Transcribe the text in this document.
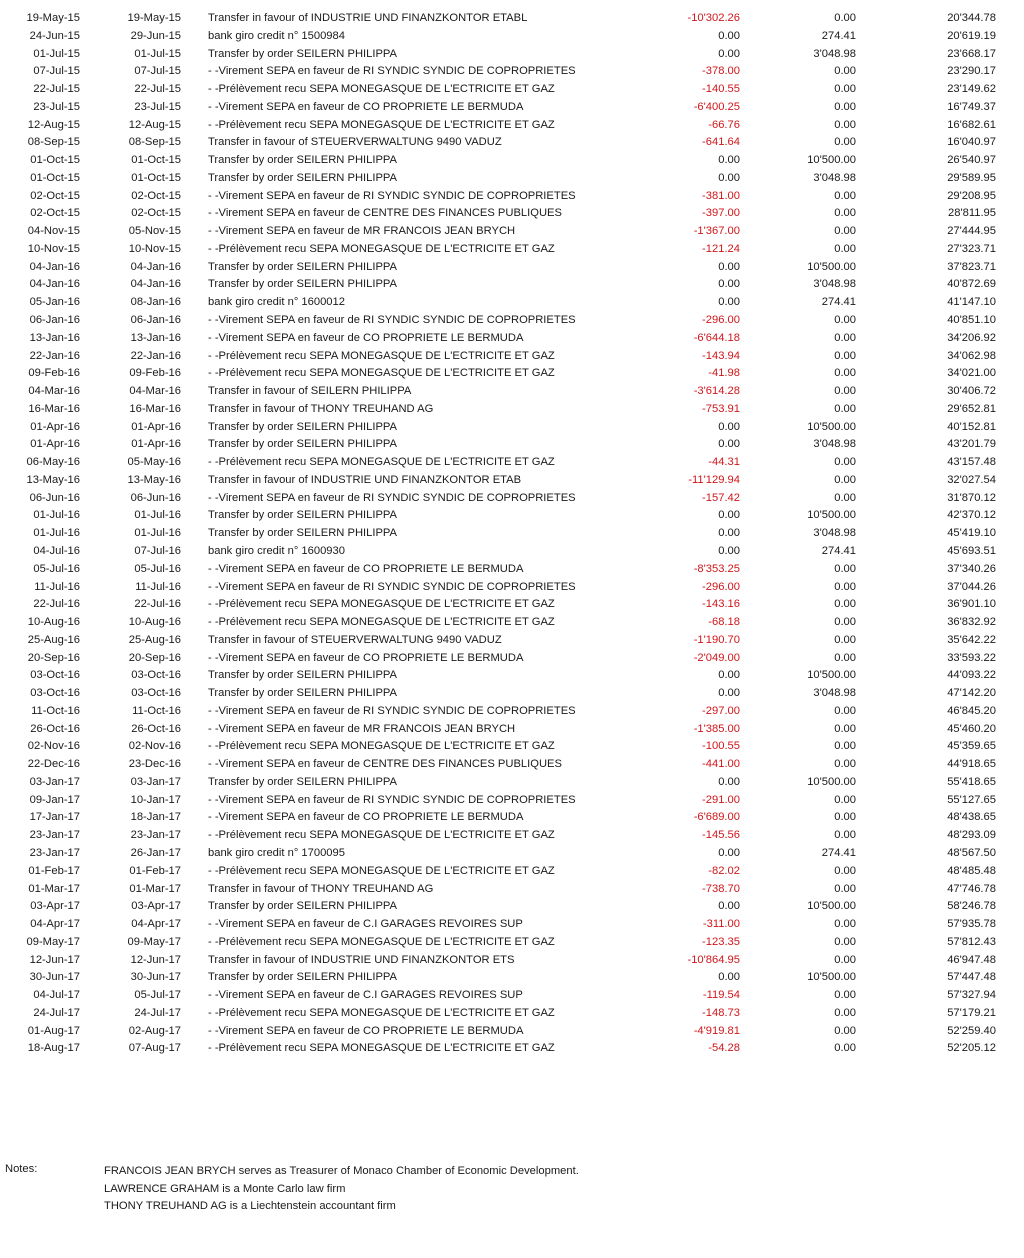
19-May-15	19-May-15 Transfer in favour of INDUSTRIE UND FINANZKONTOR ETABL	-10'302.26	0.00	20'344.78
24-Jun-15	29-Jun-15 bank giro credit n° 1500984	0.00	274.41	20'619.19
01-Jul-15	01-Jul-15 Transfer by order SEILERN PHILIPPA	0.00	3'048.98	23'668.17
07-Jul-15	07-Jul-15 - -Virement SEPA en faveur de RI SYNDIC SYNDIC DE COPROPRIETES	-378.00	0.00	23'290.17
22-Jul-15	22-Jul-15 - -Prélèvement recu SEPA MONEGASQUE DE L'ECTRICITE ET GAZ	-140.55	0.00	23'149.62
23-Jul-15	23-Jul-15 - -Virement SEPA en faveur de CO PROPRIETE LE BERMUDA	-6'400.25	0.00	16'749.37
12-Aug-15	12-Aug-15 - -Prélèvement recu SEPA MONEGASQUE DE L'ECTRICITE ET GAZ	-66.76	0.00	16'682.61
08-Sep-15	08-Sep-15 Transfer in favour of STEUERVERWALTUNG 9490 VADUZ	-641.64	0.00	16'040.97
01-Oct-15	01-Oct-15 Transfer by order SEILERN PHILIPPA	0.00	10'500.00	26'540.97
01-Oct-15	01-Oct-15 Transfer by order SEILERN PHILIPPA	0.00	3'048.98	29'589.95
02-Oct-15	02-Oct-15 - -Virement SEPA en faveur de RI SYNDIC SYNDIC DE COPROPRIETES	-381.00	0.00	29'208.95
02-Oct-15	02-Oct-15 - -Virement SEPA en faveur de CENTRE DES FINANCES PUBLIQUES	-397.00	0.00	28'811.95
04-Nov-15	05-Nov-15 - -Virement SEPA en faveur de MR FRANCOIS JEAN BRYCH	-1'367.00	0.00	27'444.95
10-Nov-15	10-Nov-15 - -Prélèvement recu SEPA MONEGASQUE DE L'ECTRICITE ET GAZ	-121.24	0.00	27'323.71
04-Jan-16	04-Jan-16 Transfer by order SEILERN PHILIPPA	0.00	10'500.00	37'823.71
04-Jan-16	04-Jan-16 Transfer by order SEILERN PHILIPPA	0.00	3'048.98	40'872.69
05-Jan-16	08-Jan-16 bank giro credit n° 1600012	0.00	274.41	41'147.10
06-Jan-16	06-Jan-16 - -Virement SEPA en faveur de RI SYNDIC SYNDIC DE COPROPRIETES	-296.00	0.00	40'851.10
13-Jan-16	13-Jan-16 - -Virement SEPA en faveur de CO PROPRIETE LE BERMUDA	-6'644.18	0.00	34'206.92
22-Jan-16	22-Jan-16 - -Prélèvement recu SEPA MONEGASQUE DE L'ECTRICITE ET GAZ	-143.94	0.00	34'062.98
09-Feb-16	09-Feb-16 - -Prélèvement recu SEPA MONEGASQUE DE L'ECTRICITE ET GAZ	-41.98	0.00	34'021.00
04-Mar-16	04-Mar-16 Transfer in favour of SEILERN PHILIPPA	-3'614.28	0.00	30'406.72
16-Mar-16	16-Mar-16 Transfer in favour of THONY TREUHAND AG	-753.91	0.00	29'652.81
01-Apr-16	01-Apr-16 Transfer by order SEILERN PHILIPPA	0.00	10'500.00	40'152.81
01-Apr-16	01-Apr-16 Transfer by order SEILERN PHILIPPA	0.00	3'048.98	43'201.79
06-May-16	05-May-16 - -Prélèvement recu SEPA MONEGASQUE DE L'ECTRICITE ET GAZ	-44.31	0.00	43'157.48
13-May-16	13-May-16 Transfer in favour of INDUSTRIE UND FINANZKONTOR ETAB	-11'129.94	0.00	32'027.54
06-Jun-16	06-Jun-16 - -Virement SEPA en faveur de RI SYNDIC SYNDIC DE COPROPRIETES	-157.42	0.00	31'870.12
01-Jul-16	01-Jul-16 Transfer by order SEILERN PHILIPPA	0.00	10'500.00	42'370.12
01-Jul-16	01-Jul-16 Transfer by order SEILERN PHILIPPA	0.00	3'048.98	45'419.10
04-Jul-16	07-Jul-16 bank giro credit n° 1600930	0.00	274.41	45'693.51
05-Jul-16	05-Jul-16 - -Virement SEPA en faveur de CO PROPRIETE LE BERMUDA	-8'353.25	0.00	37'340.26
11-Jul-16	11-Jul-16 - -Virement SEPA en faveur de RI SYNDIC SYNDIC DE COPROPRIETES	-296.00	0.00	37'044.26
22-Jul-16	22-Jul-16 - -Prélèvement recu SEPA MONEGASQUE DE L'ECTRICITE ET GAZ	-143.16	0.00	36'901.10
10-Aug-16	10-Aug-16 - -Prélèvement recu SEPA MONEGASQUE DE L'ECTRICITE ET GAZ	-68.18	0.00	36'832.92
25-Aug-16	25-Aug-16 Transfer in favour of STEUERVERWALTUNG 9490 VADUZ	-1'190.70	0.00	35'642.22
20-Sep-16	20-Sep-16 - -Virement SEPA en faveur de CO PROPRIETE LE BERMUDA	-2'049.00	0.00	33'593.22
03-Oct-16	03-Oct-16 Transfer by order SEILERN PHILIPPA	0.00	10'500.00	44'093.22
03-Oct-16	03-Oct-16 Transfer by order SEILERN PHILIPPA	0.00	3'048.98	47'142.20
11-Oct-16	11-Oct-16 - -Virement SEPA en faveur de RI SYNDIC SYNDIC DE COPROPRIETES	-297.00	0.00	46'845.20
26-Oct-16	26-Oct-16 - -Virement SEPA en faveur de MR FRANCOIS JEAN BRYCH	-1'385.00	0.00	45'460.20
02-Nov-16	02-Nov-16 - -Prélèvement recu SEPA MONEGASQUE DE L'ECTRICITE ET GAZ	-100.55	0.00	45'359.65
22-Dec-16	23-Dec-16 - -Virement SEPA en faveur de CENTRE DES FINANCES PUBLIQUES	-441.00	0.00	44'918.65
03-Jan-17	03-Jan-17 Transfer by order SEILERN PHILIPPA	0.00	10'500.00	55'418.65
09-Jan-17	10-Jan-17 - -Virement SEPA en faveur de RI SYNDIC SYNDIC DE COPROPRIETES	-291.00	0.00	55'127.65
17-Jan-17	18-Jan-17 - -Virement SEPA en faveur de CO PROPRIETE LE BERMUDA	-6'689.00	0.00	48'438.65
23-Jan-17	23-Jan-17 - -Prélèvement recu SEPA MONEGASQUE DE L'ECTRICITE ET GAZ	-145.56	0.00	48'293.09
23-Jan-17	26-Jan-17 bank giro credit n° 1700095	0.00	274.41	48'567.50
01-Feb-17	01-Feb-17 - -Prélèvement recu SEPA MONEGASQUE DE L'ECTRICITE ET GAZ	-82.02	0.00	48'485.48
01-Mar-17	01-Mar-17 Transfer in favour of THONY TREUHAND AG	-738.70	0.00	47'746.78
03-Apr-17	03-Apr-17 Transfer by order SEILERN PHILIPPA	0.00	10'500.00	58'246.78
04-Apr-17	04-Apr-17 - -Virement SEPA en faveur de C.I GARAGES REVOIRES SUP	-311.00	0.00	57'935.78
09-May-17	09-May-17 - -Prélèvement recu SEPA MONEGASQUE DE L'ECTRICITE ET GAZ	-123.35	0.00	57'812.43
12-Jun-17	12-Jun-17 Transfer in favour of INDUSTRIE UND FINANZKONTOR ETS	-10'864.95	0.00	46'947.48
30-Jun-17	30-Jun-17 Transfer by order SEILERN PHILIPPA	0.00	10'500.00	57'447.48
04-Jul-17	05-Jul-17 - -Virement SEPA en faveur de C.I GARAGES REVOIRES SUP	-119.54	0.00	57'327.94
24-Jul-17	24-Jul-17 - -Prélèvement recu SEPA MONEGASQUE DE L'ECTRICITE ET GAZ	-148.73	0.00	57'179.21
01-Aug-17	02-Aug-17 - -Virement SEPA en faveur de CO PROPRIETE LE BERMUDA	-4'919.81	0.00	52'259.40
18-Aug-17	07-Aug-17 - -Prélèvement recu SEPA MONEGASQUE DE L'ECTRICITE ET GAZ	-54.28	0.00	52'205.12
Notes:	FRANCOIS JEAN BRYCH serves as Treasurer of Monaco Chamber of Economic Development.
LAWRENCE GRAHAM is a Monte Carlo law firm
THONY TREUHAND AG is a Liechtenstein accountant firm
